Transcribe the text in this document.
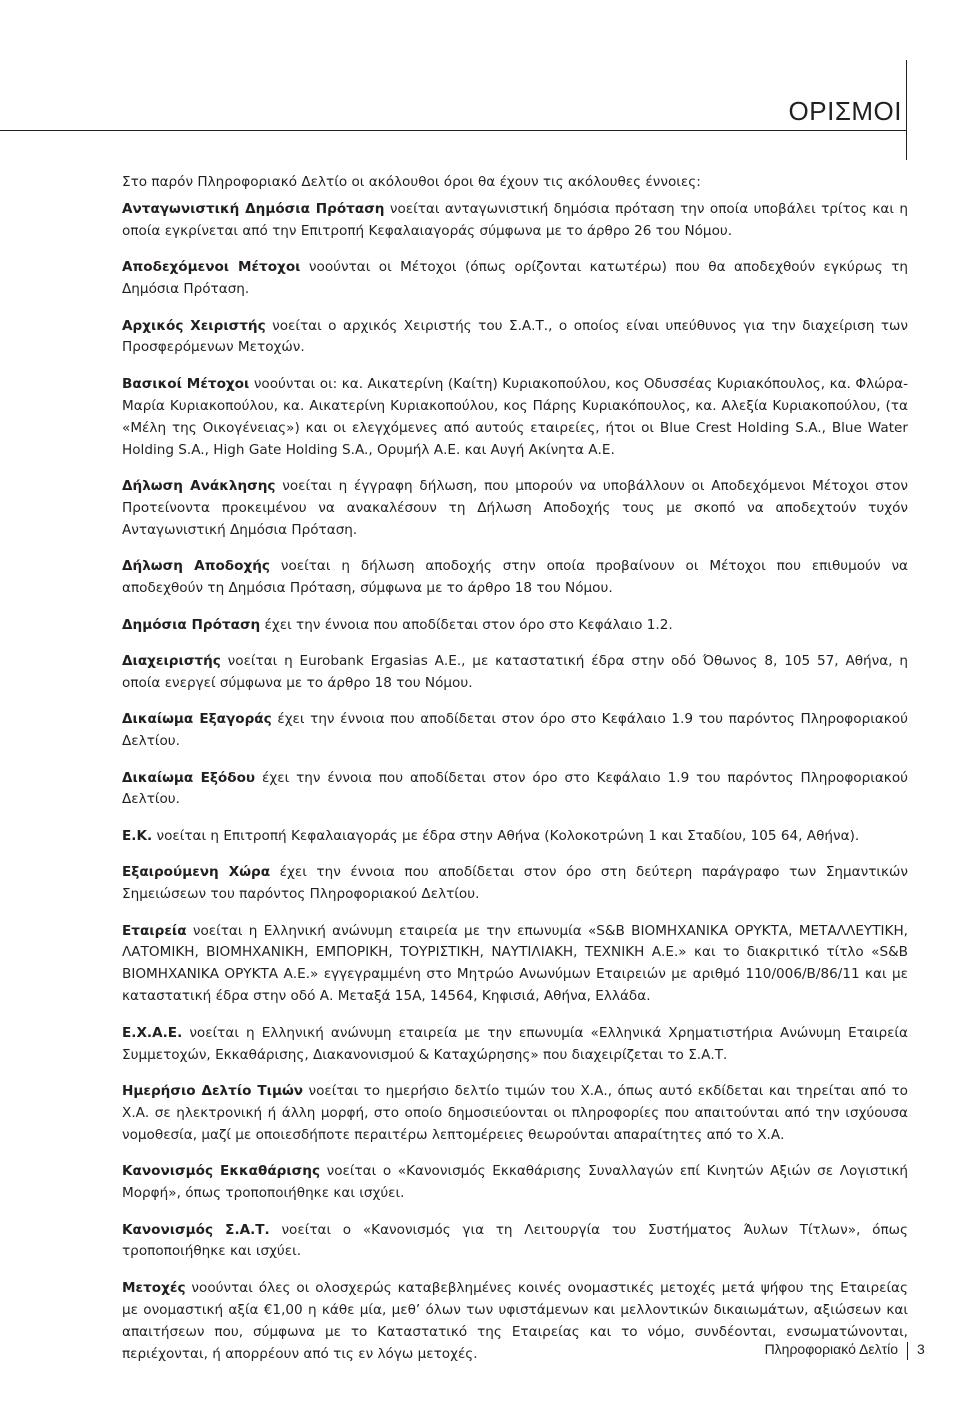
ΟΡΙΣΜΟΙ

Στο παρόν Πληροφοριακό Δελτίο οι ακόλουθοι όροι θα έχουν τις ακόλουθες έννοιες:

Ανταγωνιστική Δημόσια Πρόταση νοείται ανταγωνιστική δημόσια πρόταση την οποία υποβάλει τρίτος και η οποία εγκρίνεται από την Επιτροπή Κεφαλαιαγοράς σύμφωνα με το άρθρο 26 του Νόμου.

Αποδεχόμενοι Μέτοχοι νοούνται οι Μέτοχοι (όπως ορίζονται κατωτέρω) που θα αποδεχθούν εγκύρως τη Δημόσια Πρόταση.

Αρχικός Χειριστής νοείται ο αρχικός Χειριστής του Σ.Α.Τ., ο οποίος είναι υπεύθυνος για την διαχείριση των Προσφερόμενων Μετοχών.

Βασικοί Μέτοχοι νοούνται οι: κα. Αικατερίνη (Καίτη) Κυριακοπούλου, κος Οδυσσέας Κυριακόπουλος, κα. Φλώρα-Μαρία Κυριακοπούλου, κα. Αικατερίνη Κυριακοπούλου, κος Πάρης Κυριακόπουλος, κα. Αλεξία Κυριακοπούλου, (τα «Μέλη της Οικογένειας») και οι ελεγχόμενες από αυτούς εταιρείες, ήτοι οι Blue Crest Holding S.A., Blue Water Holding S.A., High Gate Holding S.A., Ορυμήλ Α.Ε. και Αυγή Ακίνητα Α.Ε.

Δήλωση Ανάκλησης νοείται η έγγραφη δήλωση, που μπορούν να υποβάλλουν οι Αποδεχόμενοι Μέτοχοι στον Προτείνοντα προκειμένου να ανακαλέσουν τη Δήλωση Αποδοχής τους με σκοπό να αποδεχτούν τυχόν Ανταγωνιστική Δημόσια Πρόταση.

Δήλωση Αποδοχής νοείται η δήλωση αποδοχής στην οποία προβαίνουν οι Μέτοχοι που επιθυμούν να αποδεχθούν τη Δημόσια Πρόταση, σύμφωνα με το άρθρο 18 του Νόμου.

Δημόσια Πρόταση έχει την έννοια που αποδίδεται στον όρο στο Κεφάλαιο 1.2.

Διαχειριστής νοείται η Eurobank Ergasias Α.Ε., με καταστατική έδρα στην οδό Όθωνος 8, 105 57, Αθήνα, η οποία ενεργεί σύμφωνα με το άρθρο 18 του Νόμου.

Δικαίωμα Εξαγοράς έχει την έννοια που αποδίδεται στον όρο στο Κεφάλαιο 1.9 του παρόντος Πληροφοριακού Δελτίου.

Δικαίωμα Εξόδου έχει την έννοια που αποδίδεται στον όρο στο Κεφάλαιο 1.9 του παρόντος Πληροφοριακού Δελτίου.

Ε.Κ. νοείται η Επιτροπή Κεφαλαιαγοράς με έδρα στην Αθήνα (Κολοκοτρώνη 1 και Σταδίου, 105 64, Αθήνα).

Εξαιρούμενη Χώρα έχει την έννοια που αποδίδεται στον όρο στη δεύτερη παράγραφο των Σημαντικών Σημειώσεων του παρόντος Πληροφοριακού Δελτίου.

Εταιρεία νοείται η Ελληνική ανώνυμη εταιρεία με την επωνυμία «S&B ΒΙΟΜΗΧΑΝΙΚΑ ΟΡΥΚΤΑ, ΜΕΤΑΛΛΕΥΤΙΚΗ, ΛΑΤΟΜΙΚΗ, ΒΙΟΜΗΧΑΝΙΚΗ, ΕΜΠΟΡΙΚΗ, ΤΟΥΡΙΣΤΙΚΗ, ΝΑΥΤΙΛΙΑΚΗ, ΤΕΧΝΙΚΗ Α.Ε.» και το διακριτικό τίτλο «S&B ΒΙΟΜΗΧΑΝΙΚΑ ΟΡΥΚΤΑ Α.Ε.» εγγεγραμμένη στο Μητρώο Ανωνύμων Εταιρειών με αριθμό 110/006/Β/86/11 και με καταστατική έδρα στην οδό Α. Μεταξά 15Α, 14564, Κηφισιά, Αθήνα, Ελλάδα.

Ε.Χ.Α.Ε. νοείται η Ελληνική ανώνυμη εταιρεία με την επωνυμία «Ελληνικά Χρηματιστήρια Ανώνυμη Εταιρεία Συμμετοχών, Εκκαθάρισης, Διακανονισμού & Καταχώρησης» που διαχειρίζεται το Σ.Α.Τ.

Ημερήσιο Δελτίο Τιμών νοείται το ημερήσιο δελτίο τιμών του Χ.Α., όπως αυτό εκδίδεται και τηρείται από το Χ.Α. σε ηλεκτρονική ή άλλη μορφή, στο οποίο δημοσιεύονται οι πληροφορίες που απαιτούνται από την ισχύουσα νομοθεσία, μαζί με οποιεσδήποτε περαιτέρω λεπτομέρειες θεωρούνται απαραίτητες από το Χ.Α.

Κανονισμός Εκκαθάρισης νοείται ο «Κανονισμός Εκκαθάρισης Συναλλαγών επί Κινητών Αξιών σε Λογιστική Μορφή», όπως τροποποιήθηκε και ισχύει.

Κανονισμός Σ.Α.Τ. νοείται ο «Κανονισμός για τη Λειτουργία του Συστήματος Άυλων Τίτλων», όπως τροποποιήθηκε και ισχύει.

Μετοχές νοούνται όλες οι ολοσχερώς καταβεβλημένες κοινές ονομαστικές μετοχές μετά ψήφου της Εταιρείας με ονομαστική αξία €1,00 η κάθε μία, μεθ’ όλων των υφιστάμενων και μελλοντικών δικαιωμάτων, αξιώσεων και απαιτήσεων που, σύμφωνα με το Καταστατικό της Εταιρείας και το νόμο, συνδέονται, ενσωματώνονται, περιέχονται, ή απορρέουν από τις εν λόγω μετοχές.	Πληροφοριακό Δελτίο 3
